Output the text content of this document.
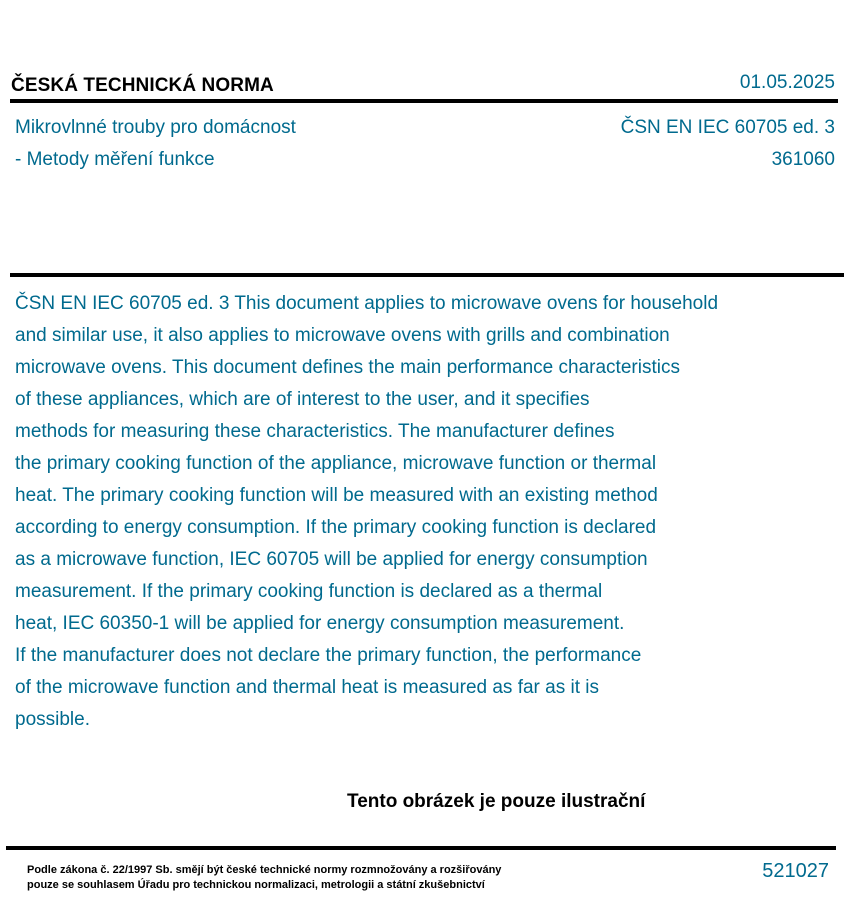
ČESKÁ TECHNICKÁ NORMA	01.05.2025
Mikrovlnné trouby pro domácnost
- Metody měření funkce
ČSN EN IEC 60705 ed. 3
361060
ČSN EN IEC 60705 ed. 3 This document applies to microwave ovens for household
and similar use, it also applies to microwave ovens with grills and combination
microwave ovens. This document defines the main performance characteristics
of these appliances, which are of interest to the user, and it specifies
methods for measuring these characteristics. The manufacturer defines
the primary cooking function of the appliance, microwave function or thermal
heat. The primary cooking function will be measured with an existing method
according to energy consumption. If the primary cooking function is declared
as a microwave function, IEC 60705 will be applied for energy consumption
measurement. If the primary cooking function is declared as a thermal
heat, IEC 60350-1 will be applied for energy consumption measurement.
If the manufacturer does not declare the primary function, the performance
of the microwave function and thermal heat is measured as far as it is
possible.
Tento obrázek je pouze ilustrační
Podle zákona č. 22/1997 Sb. smějí být české technické normy rozmnožovány a rozšiřovány
pouze se souhlasem Úřadu pro technickou normalizaci, metrologii a státní zkušebnictví
521027
